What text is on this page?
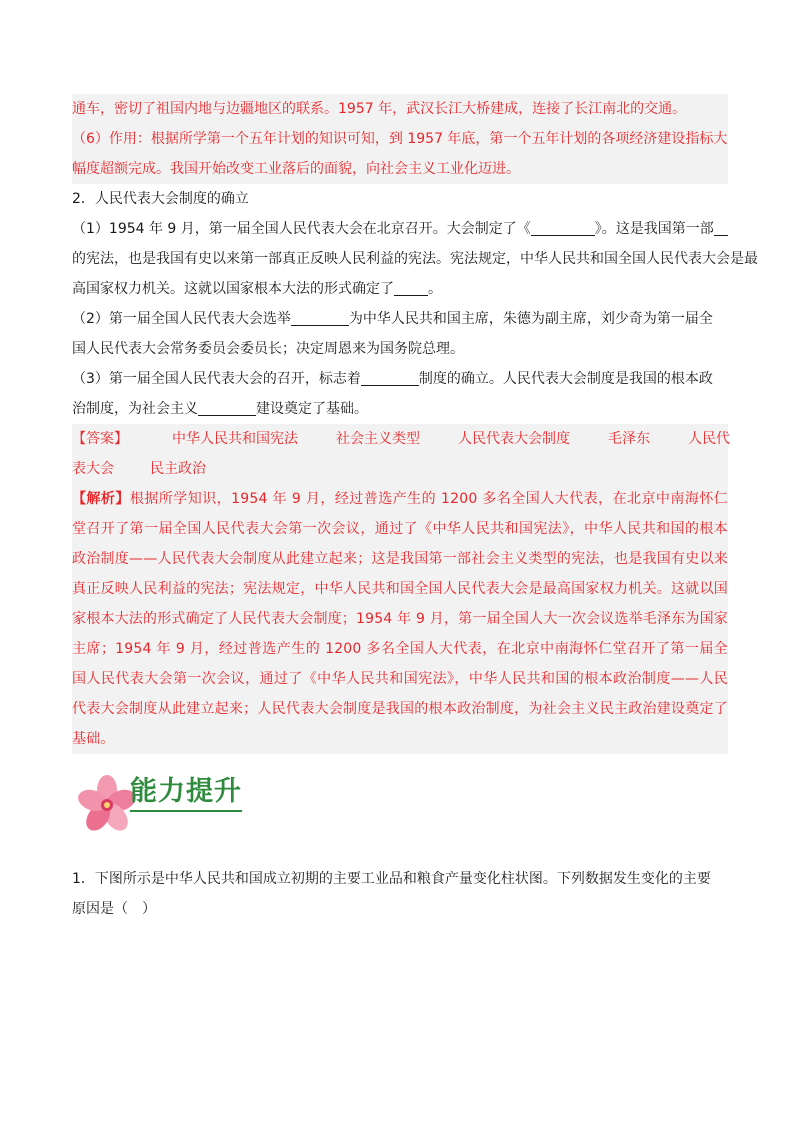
通车，密切了祖国内地与边疆地区的联系。1957 年，武汉长江大桥建成，连接了长江南北的交通。
（6）作用：根据所学第一个五年计划的知识可知，到 1957 年底，第一个五年计划的各项经济建设指标大
幅度超额完成。我国开始改变工业落后的面貌，向社会主义工业化迈进。
2．人民代表大会制度的确立
（1）1954 年 9 月，第一届全国人民代表大会在北京召开。大会制定了《	》。这是我国第一部
的宪法，也是我国有史以来第一部真正反映人民利益的宪法。宪法规定，中华人民共和国全国人民代表大会是最
高国家权力机关。这就以国家根本大法的形式确定了 。
（2）第一届全国人民代表大会选举	为中华人民共和国主席，朱德为副主席，刘少奇为第一届全
国人民代表大会常务委员会委员长；决定周恩来为国务院总理。
（3）第一届全国人民代表大会的召开，标志着	制度的确立。人民代表大会制度是我国的根本政
治制度，为社会主义	建设奠定了基础。
【答案】	中华人民共和国宪法	社会主义类型	人民代表大会制度	毛泽东	人民代
表大会	民主政治
【解析】根据所学知识，1954 年 9 月，经过普选产生的 1200 多名全国人大代表，在北京中南海怀仁堂召开了第一届全国人民代表大会第一次会议，通过了《中华人民共和国宪法》，中华人民共和国的根本政治制度——人民代表大会制度从此建立起来；这是我国第一部社会主义类型的宪法，也是我国有史以来真正反映人民利益的宪法；宪法规定，中华人民共和国全国人民代表大会是最高国家权力机关。这就以国家根本大法的形式确定了人民代表大会制度；1954 年 9 月，第一届全国人大一次会议选举毛泽东为国家主席；1954 年 9 月，经过普选产生的 1200 多名全国人大代表，在北京中南海怀仁堂召开了第一届全国人民代表大会第一次会议，通过了《中华人民共和国宪法》，中华人民共和国的根本政治制度——人民代表大会制度从此建立起来；人民代表大会制度是我国的根本政治制度，为社会主义民主政治建设奠定了基础。
能力提升
1．下图所示是中华人民共和国成立初期的主要工业品和粮食产量变化柱状图。下列数据发生变化的主要
原因是（　）
